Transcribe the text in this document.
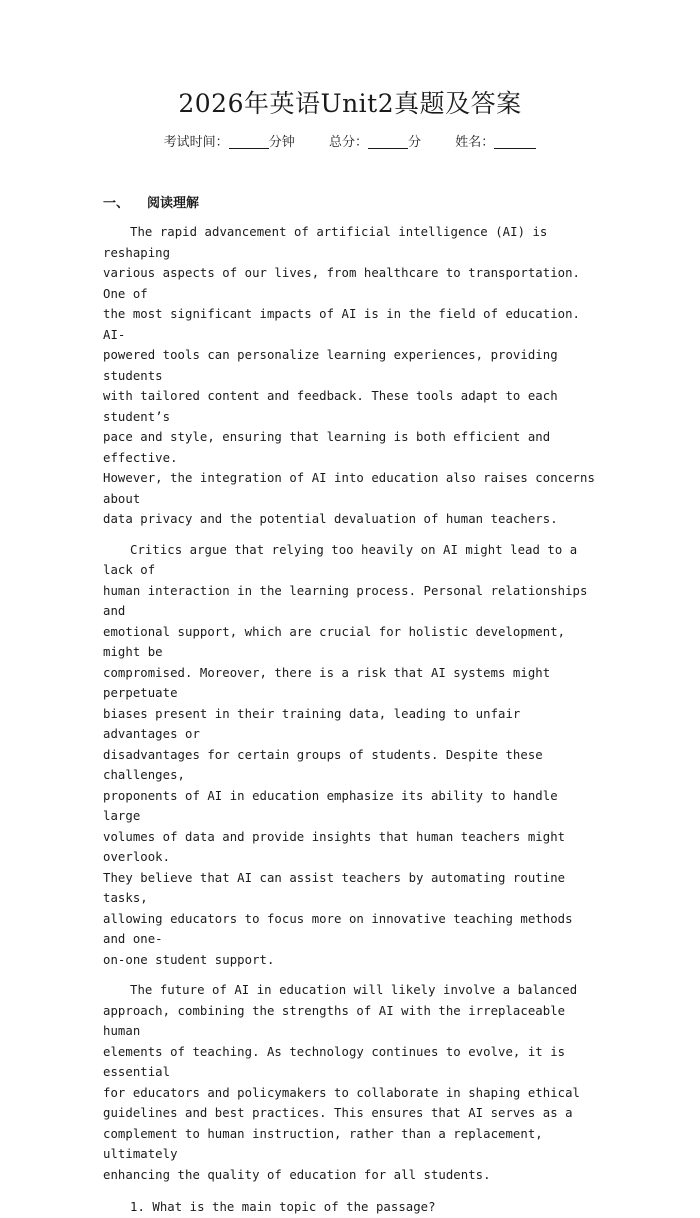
2026年英语Unit2真题及答案
考试时间：	分钟	总分：	分	姓名：
一、 阅读理解

The rapid advancement of artificial intelligence (AI) is reshaping
various aspects of our lives, from healthcare to transportation. One of
the most significant impacts of AI is in the field of education. AI-
powered tools can personalize learning experiences, providing students
with tailored content and feedback. These tools adapt to each student’s
pace and style, ensuring that learning is both efficient and effective.
However, the integration of AI into education also raises concerns about
data privacy and the potential devaluation of human teachers.

Critics argue that relying too heavily on AI might lead to a lack of
human interaction in the learning process. Personal relationships and
emotional support, which are crucial for holistic development, might be
compromised. Moreover, there is a risk that AI systems might perpetuate
biases present in their training data, leading to unfair advantages or
disadvantages for certain groups of students. Despite these challenges,
proponents of AI in education emphasize its ability to handle large
volumes of data and provide insights that human teachers might overlook.
They believe that AI can assist teachers by automating routine tasks,
allowing educators to focus more on innovative teaching methods and one-
on-one student support.

The future of AI in education will likely involve a balanced
approach, combining the strengths of AI with the irreplaceable human
elements of teaching. As technology continues to evolve, it is essential
for educators and policymakers to collaborate in shaping ethical
guidelines and best practices. This ensures that AI serves as a
complement to human instruction, rather than a replacement, ultimately
enhancing the quality of education for all students.

1. What is the main topic of the passage?
